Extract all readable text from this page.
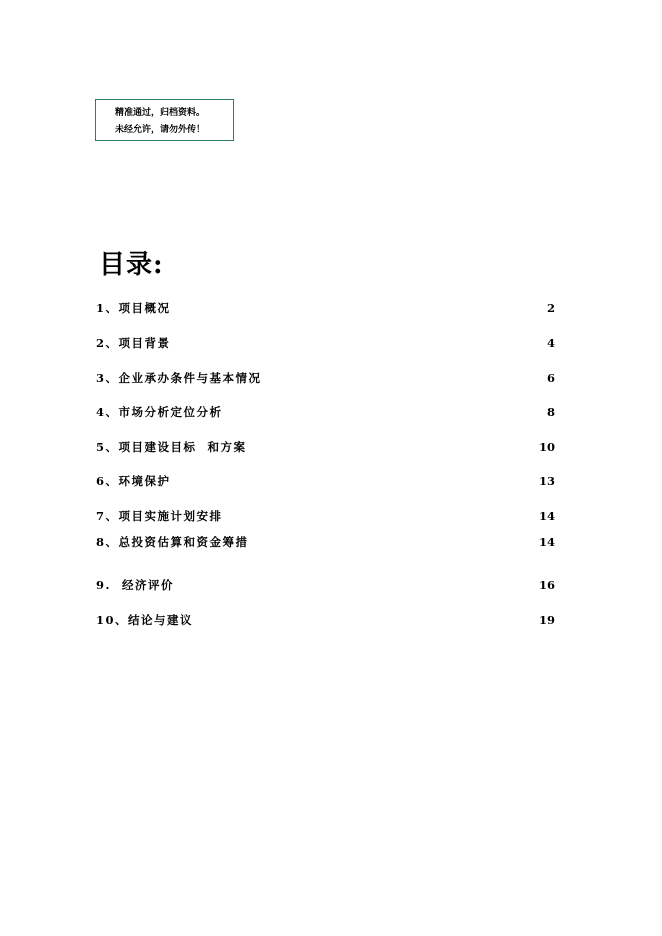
精准通过，归档资料。
未经允许，请勿外传！
目录:
1、项目概况	2
2、项目背景	4
3、企业承办条件与基本情况	6
4、市场分析定位分析	8
5、项目建设目标  和方案	10
6、环境保护	13
7、项目实施计划安排	14
8、总投资估算和资金筹措	14
9.  经济评价	16
10、结论与建议	19
